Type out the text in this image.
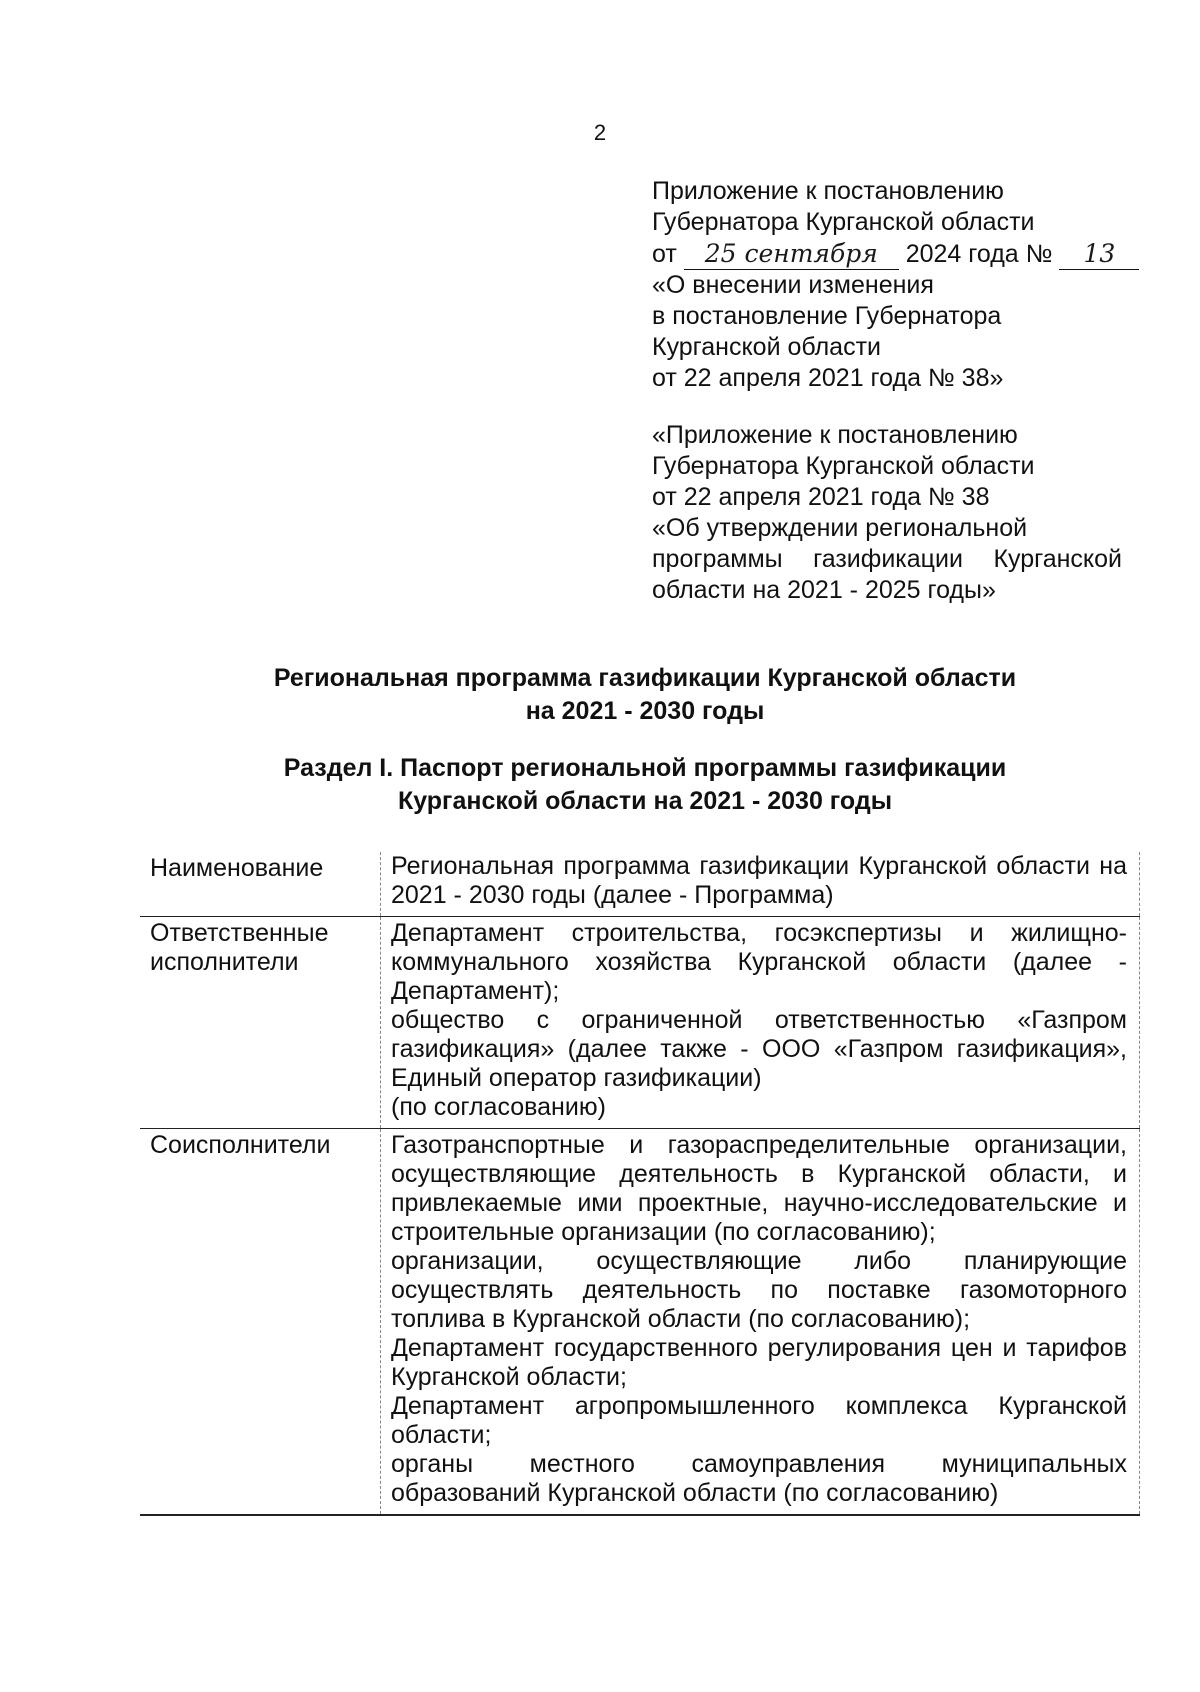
2
Приложение к постановлению
Губернатора Курганской области
от 25 сентября 2024 года № 13
«О внесении изменения
в постановление Губернатора
Курганской области
от 22 апреля 2021 года № 38»
«Приложение к постановлению
Губернатора Курганской области
от 22 апреля 2021 года № 38
«Об утверждении региональной
программы газификации Курганской
области на 2021 - 2025 годы»
Региональная программа газификации Курганской области
на 2021 - 2030 годы
Раздел I. Паспорт региональной программы газификации
Курганской области на 2021 - 2030 годы
Наименование	Региональная программа газификации Курганской области на 2021 - 2030 годы (далее - Программа)
Ответственные исполнители
Департамент строительства, госэкспертизы и жилищно-коммунального хозяйства Курганской области (далее - Департамент);
общество с ограниченной ответственностью «Газпром газификация» (далее также - ООО «Газпром газификация», Единый оператор газификации)
(по согласованию)
Соисполнители	Газотранспортные и газораспределительные организации, осуществляющие деятельность в Курганской области, и привлекаемые ими проектные, научно-исследовательские и строительные организации (по согласованию);
организации, осуществляющие либо планирующие осуществлять деятельность по поставке газомоторного топлива в Курганской области (по согласованию);
Департамент государственного регулирования цен и тарифов Курганской области;
Департамент агропромышленного комплекса Курганской области;
органы местного самоуправления муниципальных образований Курганской области (по согласованию)
